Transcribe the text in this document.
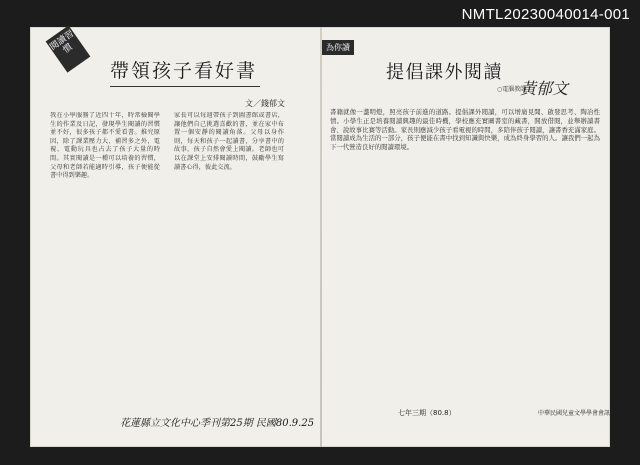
NMTL20230040014-001
閱讀習慣
帶領孩子看好書
文／錢郁文
我在小學服務了近四十年，時常檢閱學生的作業及日記，發現學生閱讀的習慣並不好，很多孩子都不愛看書。推究原因，除了課業壓力大、補習多之外，電視、電動玩具也占去了孩子大量的時間。其實閱讀是一種可以培養的習慣，父母和老師若能適時引導，孩子便能從書中得到樂趣。
家長可以每週帶孩子到圖書館或書店，讓他們自己挑選喜歡的書，並在家中布置一個安靜的閱讀角落。父母以身作則，每天和孩子一起讀書，分享書中的故事，孩子自然會愛上閱讀。老師也可以在課堂上安排閱讀時間，鼓勵學生寫讀書心得，彼此交流。
花蓮縣立文化中心季刊第25期 民國80.9.25
為你讀
提倡課外閱讀
○電腦教師
黃郁文
書籍就像一盞明燈，照亮孩子前進的道路。提倡課外閱讀，可以增廣見聞、啟發思考、陶冶性情。小學生正是培養閱讀興趣的最佳時機，學校應充實圖書室的藏書，開放借閱，並舉辦讀書會、說故事比賽等活動。家長則應減少孩子看電視的時間，多陪伴孩子閱讀，讓書香充滿家庭。當閱讀成為生活的一部分，孩子便能在書中找到知識與快樂，成為終身學習的人。讓我們一起為下一代營造良好的閱讀環境。
七年三期（80.8）	中華民國兒童文學學會會訊
